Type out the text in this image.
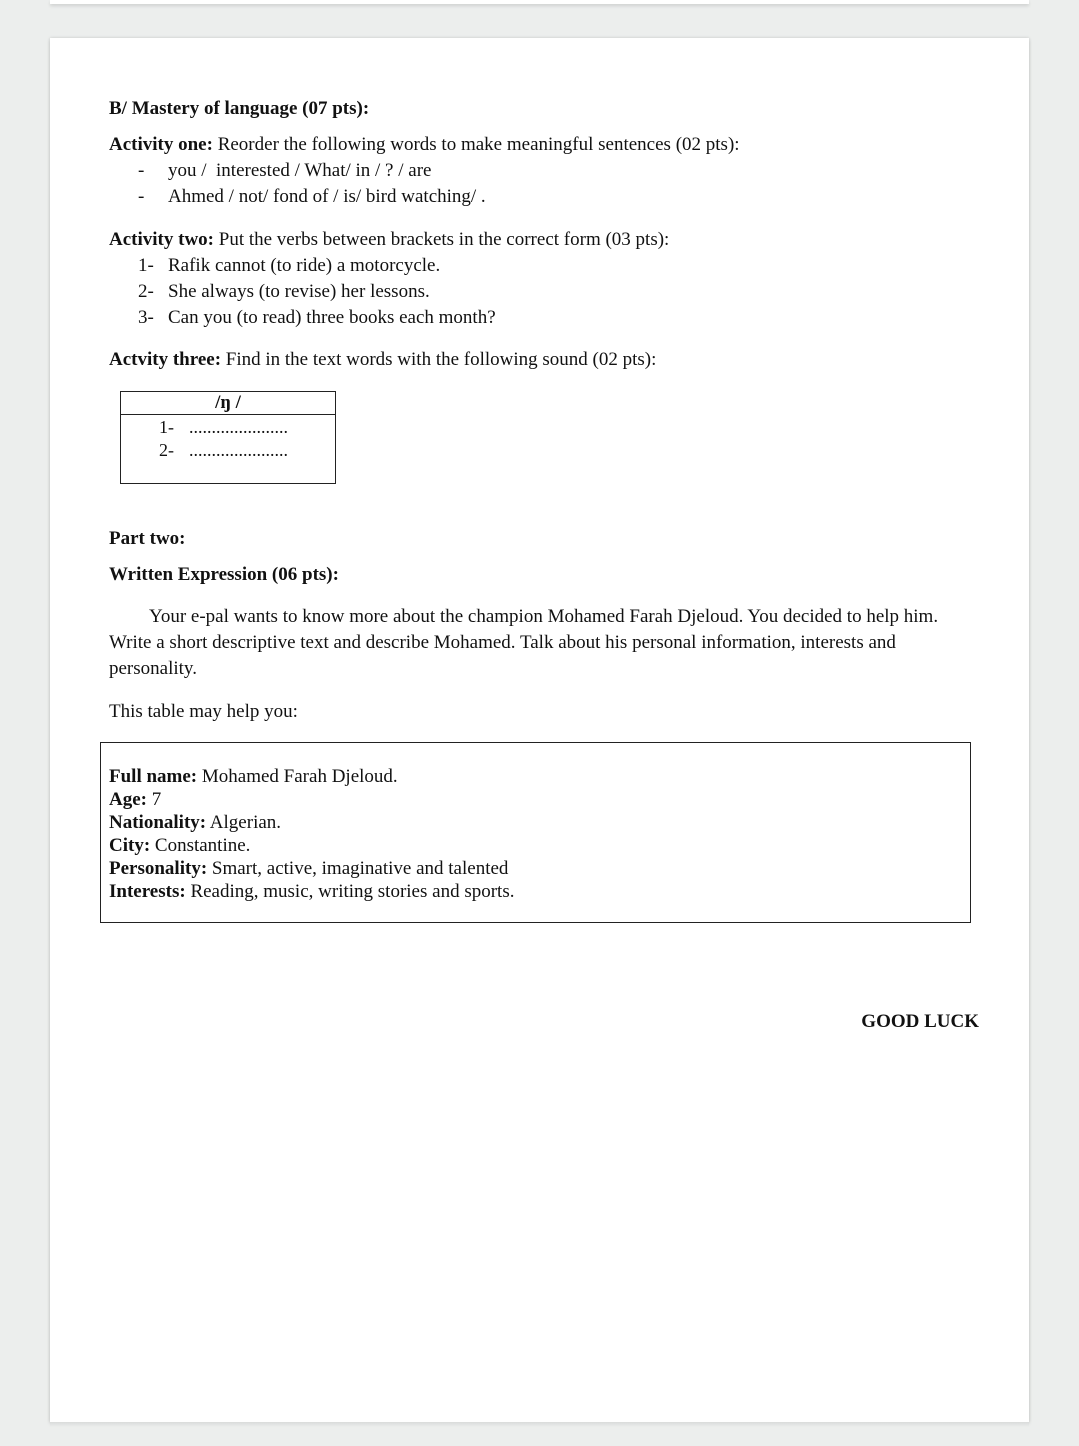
B/ Mastery of language (07 pts):
Activity one: Reorder the following words to make meaningful sentences (02 pts):
- you /  interested / What/ in / ? / are
- Ahmed / not/ fond of / is/ bird watching/ .
Activity two: Put the verbs between brackets in the correct form (03 pts):
1- Rafik cannot (to ride) a motorcycle.
2- She always (to revise) her lessons.
3- Can you (to read) three books each month?
Actvity three: Find in the text words with the following sound (02 pts):
/ŋ /
1- ......................
2- ......................
Part two:
Written Expression (06 pts):

Your e-pal wants to know more about the champion Mohamed Farah Djeloud. You decided to help him. Write a short descriptive text and describe Mohamed. Talk about his personal information, interests and personality.

This table may help you:
Full name: Mohamed Farah Djeloud.
Age: 7
Nationality: Algerian.
City: Constantine.
Personality: Smart, active, imaginative and talented
Interests: Reading, music, writing stories and sports.
GOOD LUCK
